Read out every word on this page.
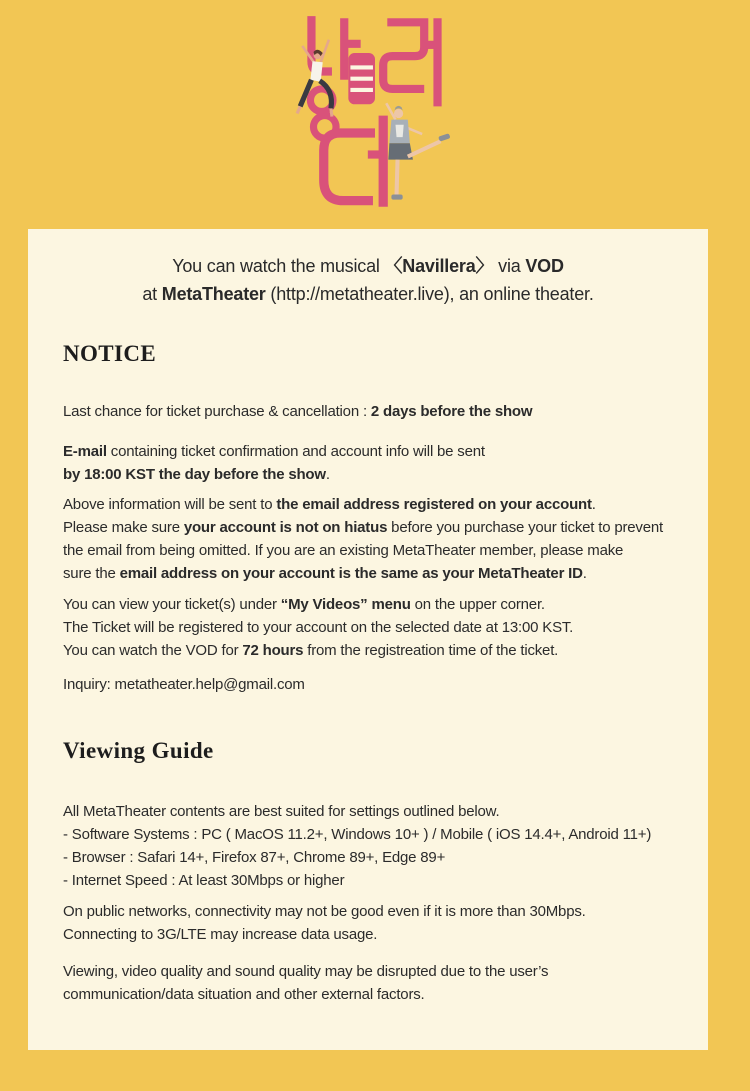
You can watch the musical 〈Navillera〉 via VOD
at MetaTheater (http://metatheater.live), an online theater.
NOTICE
Last chance for ticket purchase & cancellation : 2 days before the show
E-mail containing ticket confirmation and account info will be sent
by 18:00 KST the day before the show.
Above information will be sent to the email address registered on your account.
Please make sure your account is not on hiatus before you purchase your ticket to prevent
the email from being omitted. If you are an existing MetaTheater member, please make
sure the email address on your account is the same as your MetaTheater ID.
You can view your ticket(s) under “My Videos” menu on the upper corner.
The Ticket will be registered to your account on the selected date at 13:00 KST.
You can watch the VOD for 72 hours from the registreation time of the ticket.
Inquiry: metatheater.help@gmail.com
Viewing Guide
All MetaTheater contents are best suited for settings outlined below.
- Software Systems : PC ( MacOS 11.2+, Windows 10+ ) / Mobile ( iOS 14.4+, Android 11+)
- Browser : Safari 14+, Firefox 87+, Chrome 89+, Edge 89+
- Internet Speed : At least 30Mbps or higher
On public networks, connectivity may not be good even if it is more than 30Mbps.
Connecting to 3G/LTE may increase data usage.
Viewing, video quality and sound quality may be disrupted due to the user’s
communication/data situation and other external factors.
